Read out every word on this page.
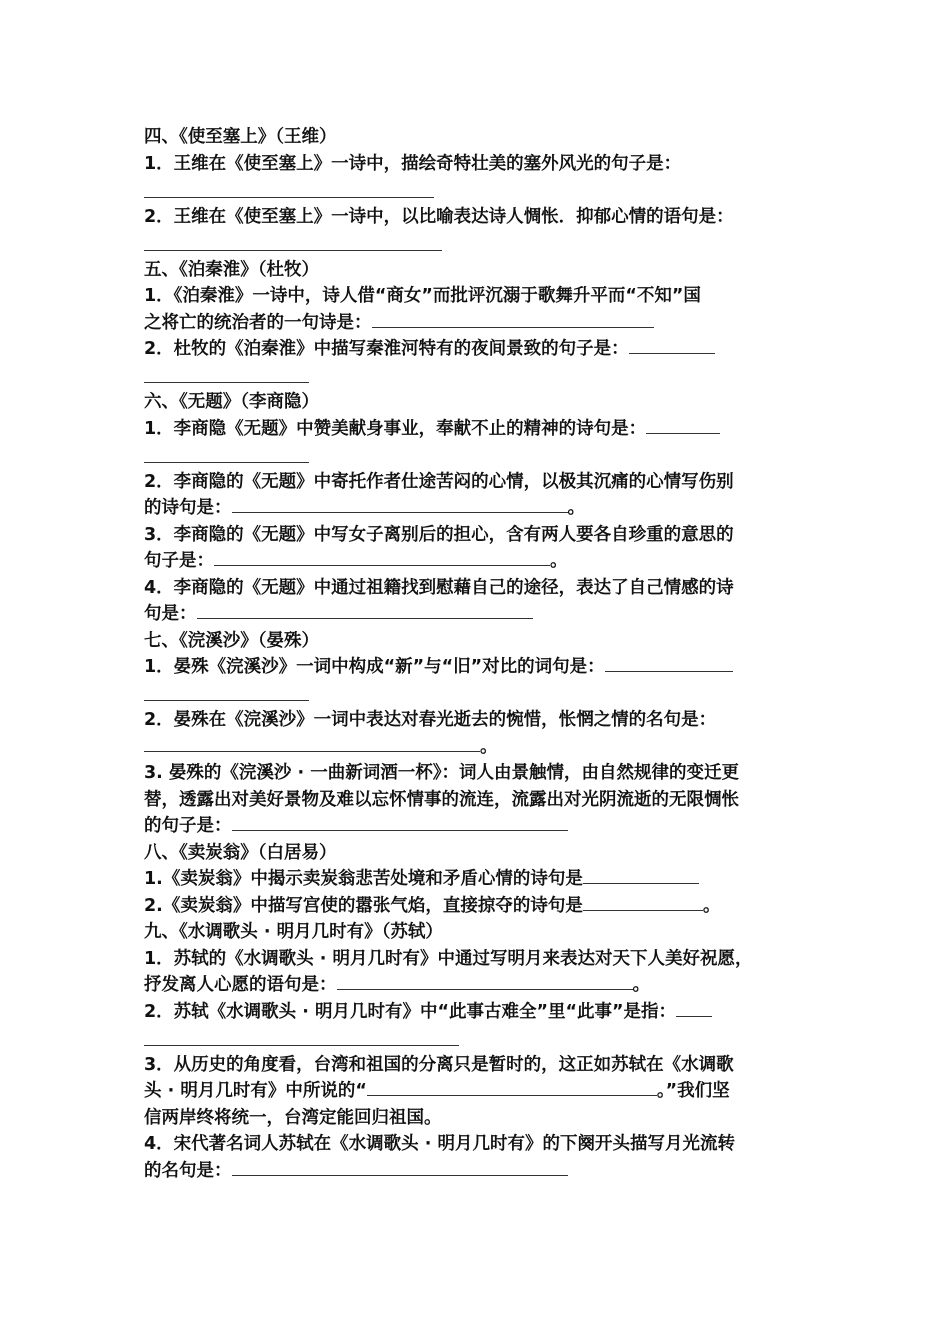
四、《使至塞上》（王维）
1．王维在《使至塞上》一诗中，描绘奇特壮美的塞外风光的句子是：
2．王维在《使至塞上》一诗中，以比喻表达诗人惆怅．抑郁心情的语句是：
五、《泊秦淮》（杜牧）
1．《泊秦淮》一诗中，诗人借“商女”而批评沉溺于歌舞升平而“不知”国
之将亡的统治者的一句诗是：
2．杜牧的《泊秦淮》中描写秦淮河特有的夜间景致的句子是：
六、《无题》（李商隐）
1．李商隐《无题》中赞美献身事业，奉献不止的精神的诗句是：
2．李商隐的《无题》中寄托作者仕途苦闷的心情，以极其沉痛的心情写伤别
的诗句是：	。
3．李商隐的《无题》中写女子离别后的担心，含有两人要各自珍重的意思的
句子是：	。
4．李商隐的《无题》中通过祖籍找到慰藉自己的途径，表达了自己情感的诗
句是：
七、《浣溪沙》（晏殊）
1．晏殊《浣溪沙》一词中构成“新”与“旧”对比的词句是：
2．晏殊在《浣溪沙》一词中表达对春光逝去的惋惜，怅惘之情的名句是：
。
3. 晏殊的《浣溪沙 · 一曲新词酒一杯》：词人由景触情，由自然规律的变迁更
替，透露出对美好景物及难以忘怀情事的流连，流露出对光阴流逝的无限惆怅
的句子是：
八、《卖炭翁》（白居易）
1.《卖炭翁》中揭示卖炭翁悲苦处境和矛盾心情的诗句是
2.《卖炭翁》中描写宫使的嚣张气焰，直接掠夺的诗句是	。
九、《水调歌头 · 明月几时有》（苏轼）
1．苏轼的《水调歌头 · 明月几时有》中通过写明月来表达对天下人美好祝愿，
抒发离人心愿的语句是：	。
2．苏轼《水调歌头 · 明月几时有》中“此事古难全”里“此事”是指：
3．从历史的角度看，台湾和祖国的分离只是暂时的，这正如苏轼在《水调歌
头 · 明月几时有》中所说的“	。”我们坚
信两岸终将统一，台湾定能回归祖国。
4．宋代著名词人苏轼在《水调歌头 · 明月几时有》的下阕开头描写月光流转
的名句是：
